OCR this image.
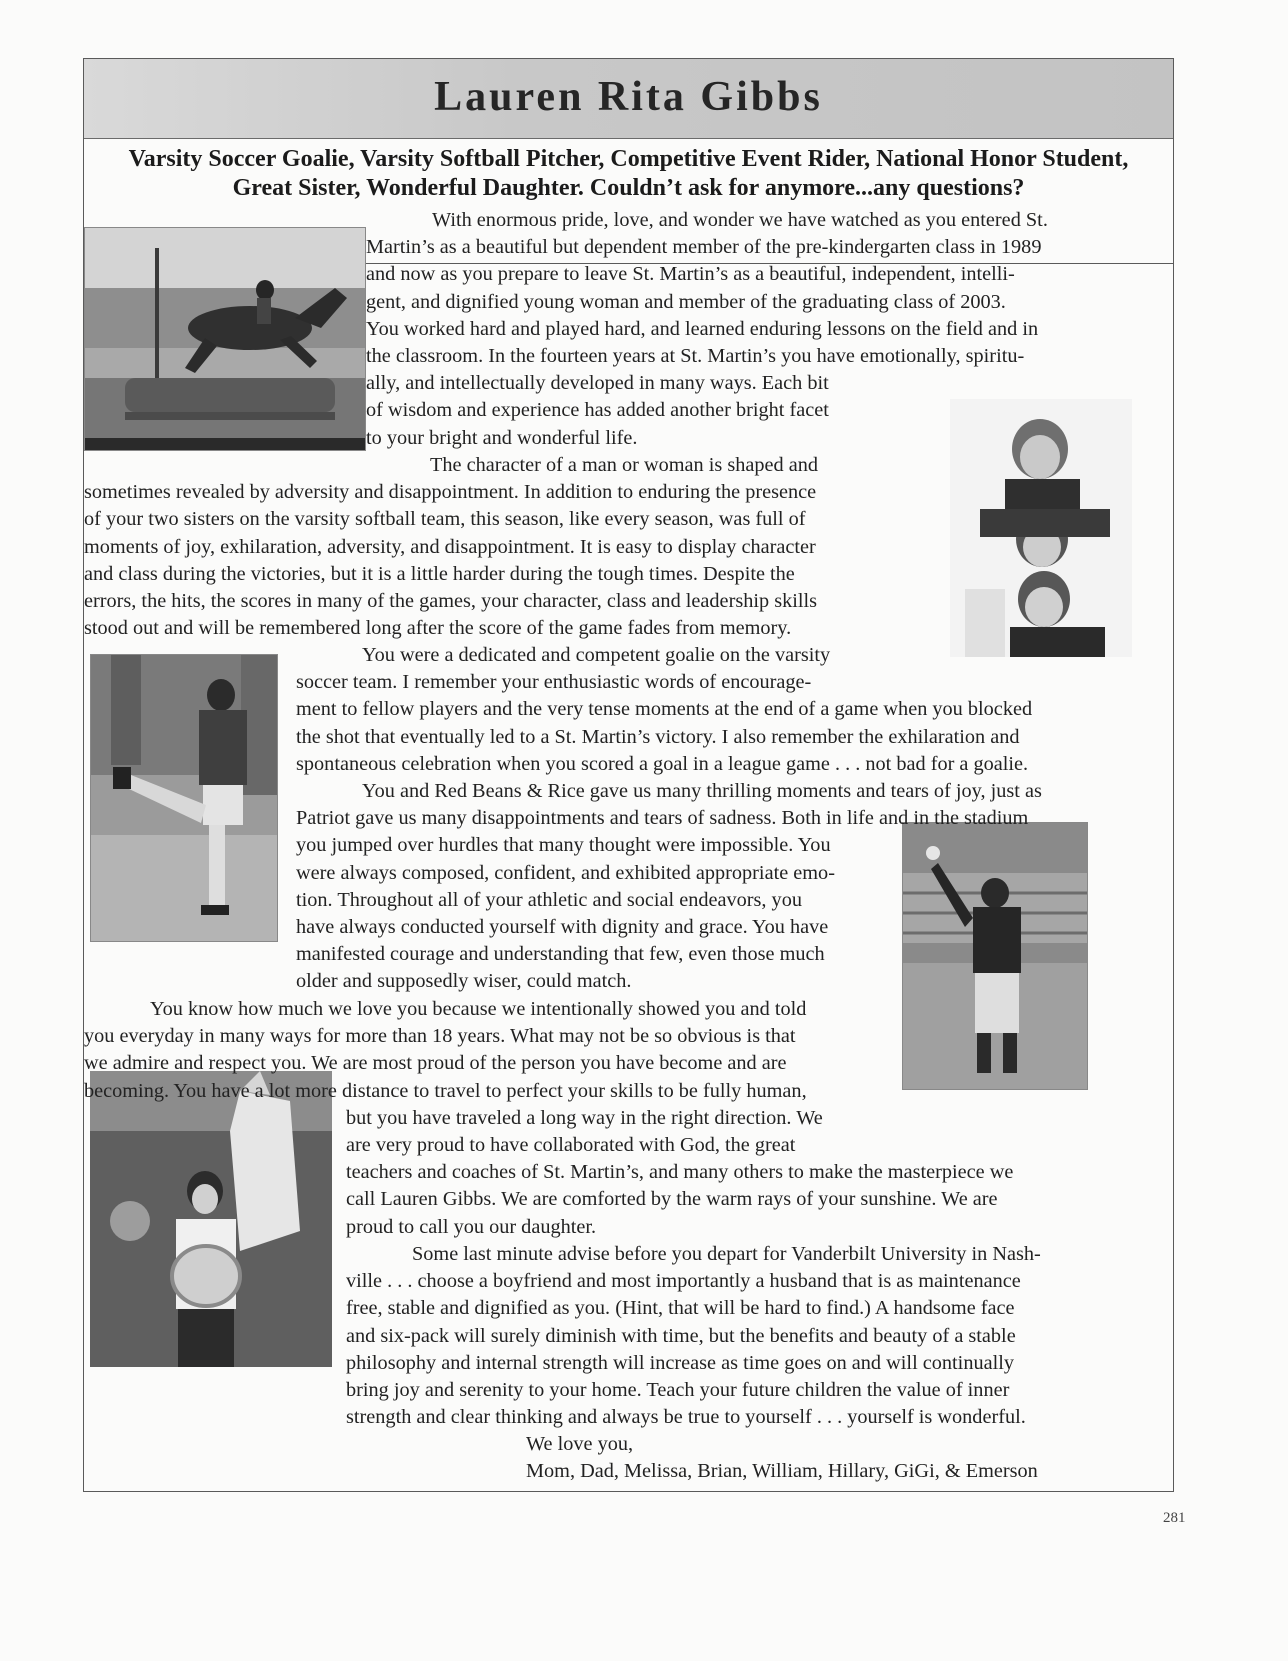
Lauren Rita Gibbs
Varsity Soccer Goalie, Varsity Softball Pitcher, Competitive Event Rider, National Honor Student,
Great Sister, Wonderful Daughter. Couldn’t ask for anymore...any questions?

With enormous pride, love, and wonder we have watched as you entered St.
Martin’s as a beautiful but dependent member of the pre-kindergarten class in 1989
and now as you prepare to leave St. Martin’s as a beautiful, independent, intelli-
gent, and dignified young woman and member of the graduating class of 2003.
You worked hard and played hard, and learned enduring lessons on the field and in
the classroom. In the fourteen years at St. Martin’s you have emotionally, spiritu-
ally, and intellectually developed in many ways. Each bit
of wisdom and experience has added another bright facet
to your bright and wonderful life.

The character of a man or woman is shaped and
sometimes revealed by adversity and disappointment. In addition to enduring the presence
of your two sisters on the varsity softball team, this season, like every season, was full of
moments of joy, exhilaration, adversity, and disappointment. It is easy to display character
and class during the victories, but it is a little harder during the tough times. Despite the
errors, the hits, the scores in many of the games, your character, class and leadership skills
stood out and will be remembered long after the score of the game fades from memory.

You were a dedicated and competent goalie on the varsity
soccer team. I remember your enthusiastic words of encourage-
ment to fellow players and the very tense moments at the end of a game when you blocked
the shot that eventually led to a St. Martin’s victory. I also remember the exhilaration and
spontaneous celebration when you scored a goal in a league game . . . not bad for a goalie.

You and Red Beans & Rice gave us many thrilling moments and tears of joy, just as
Patriot gave us many disappointments and tears of sadness. Both in life and in the stadium
you jumped over hurdles that many thought were impossible. You
were always composed, confident, and exhibited appropriate emo-
tion. Throughout all of your athletic and social endeavors, you
have always conducted yourself with dignity and grace. You have
manifested courage and understanding that few, even those much
older and supposedly wiser, could match.

You know how much we love you because we intentionally showed you and told
you everyday in many ways for more than 18 years. What may not be so obvious is that
we admire and respect you. We are most proud of the person you have become and are
becoming. You have a lot more distance to travel to perfect your skills to be fully human,
but you have traveled a long way in the right direction. We
are very proud to have collaborated with God, the great
teachers and coaches of St. Martin’s, and many others to make the masterpiece we
call Lauren Gibbs. We are comforted by the warm rays of your sunshine. We are
proud to call you our daughter.

Some last minute advise before you depart for Vanderbilt University in Nash-
ville . . . choose a boyfriend and most importantly a husband that is as maintenance
free, stable and dignified as you. (Hint, that will be hard to find.) A handsome face
and six-pack will surely diminish with time, but the benefits and beauty of a stable
philosophy and internal strength will increase as time goes on and will continually
bring joy and serenity to your home. Teach your future children the value of inner
strength and clear thinking and always be true to yourself . . . yourself is wonderful.

We love you,
Mom, Dad, Melissa, Brian, William, Hillary, GiGi, & Emerson

281
